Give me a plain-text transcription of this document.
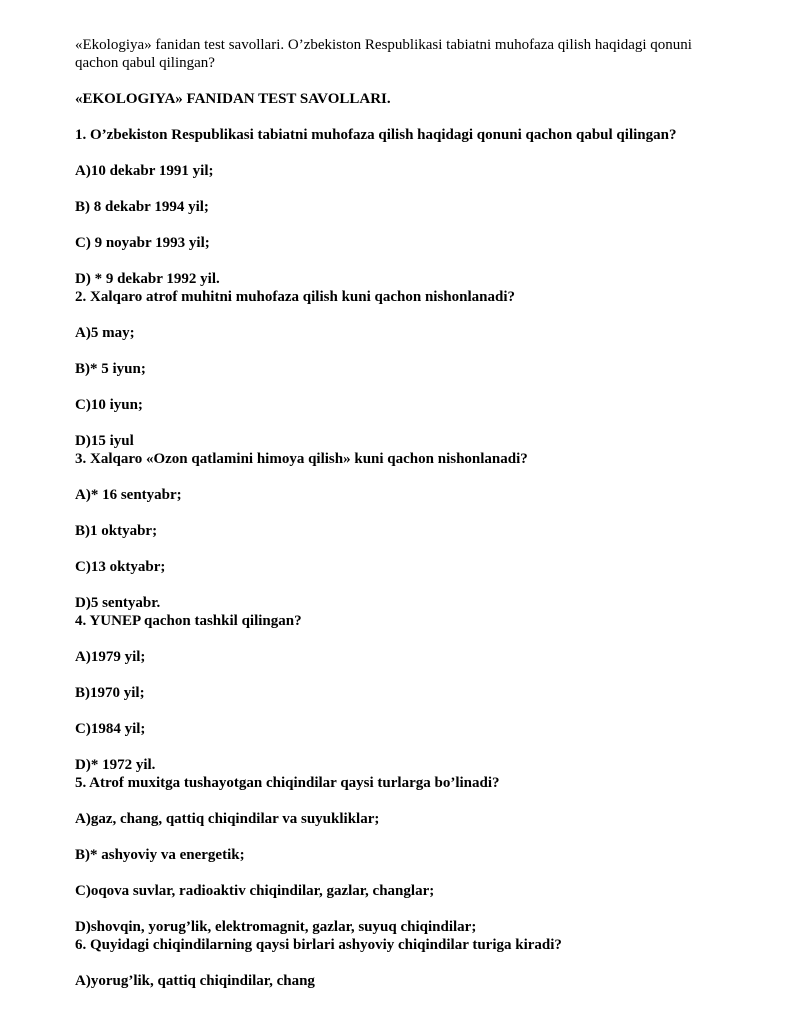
«Ekologiya» fanidan test savollari. O’zbekiston Respublikasi tabiatni muhofaza qilish haqidagi qonuni qachon qabul qilingan?

«EKOLOGIYA» FANIDAN TEST SAVOLLARI.

1. O’zbekiston Respublikasi tabiatni muhofaza qilish haqidagi qonuni qachon qabul qilingan?

A)10 dekabr 1991 yil;

B) 8 dekabr 1994 yil;

C) 9 noyabr 1993 yil;

D) * 9 dekabr 1992 yil.

2. Xalqaro atrof muhitni muhofaza qilish kuni qachon nishonlanadi?

A)5 may;

B)* 5 iyun;

C)10 iyun;

D)15 iyul

3. Xalqaro «Ozon qatlamini himoya qilish» kuni qachon nishonlanadi?

A)* 16 sentyabr;

B)1 oktyabr;

C)13 oktyabr;

D)5 sentyabr.

4. YUNEP qachon tashkil qilingan?

A)1979 yil;

B)1970 yil;

C)1984 yil;

D)* 1972 yil.

5. Atrof muxitga tushayotgan chiqindilar qaysi turlarga bo’linadi?

A)gaz, chang, qattiq chiqindilar va suyukliklar;

B)* ashyoviy va energetik;

C)oqova suvlar, radioaktiv chiqindilar, gazlar, changlar;

D)shovqin, yorug’lik, elektromagnit, gazlar, suyuq chiqindilar;

6. Quyidagi chiqindilarning qaysi birlari ashyoviy chiqindilar turiga kiradi?

A)yorug’lik, qattiq chiqindilar, chang
